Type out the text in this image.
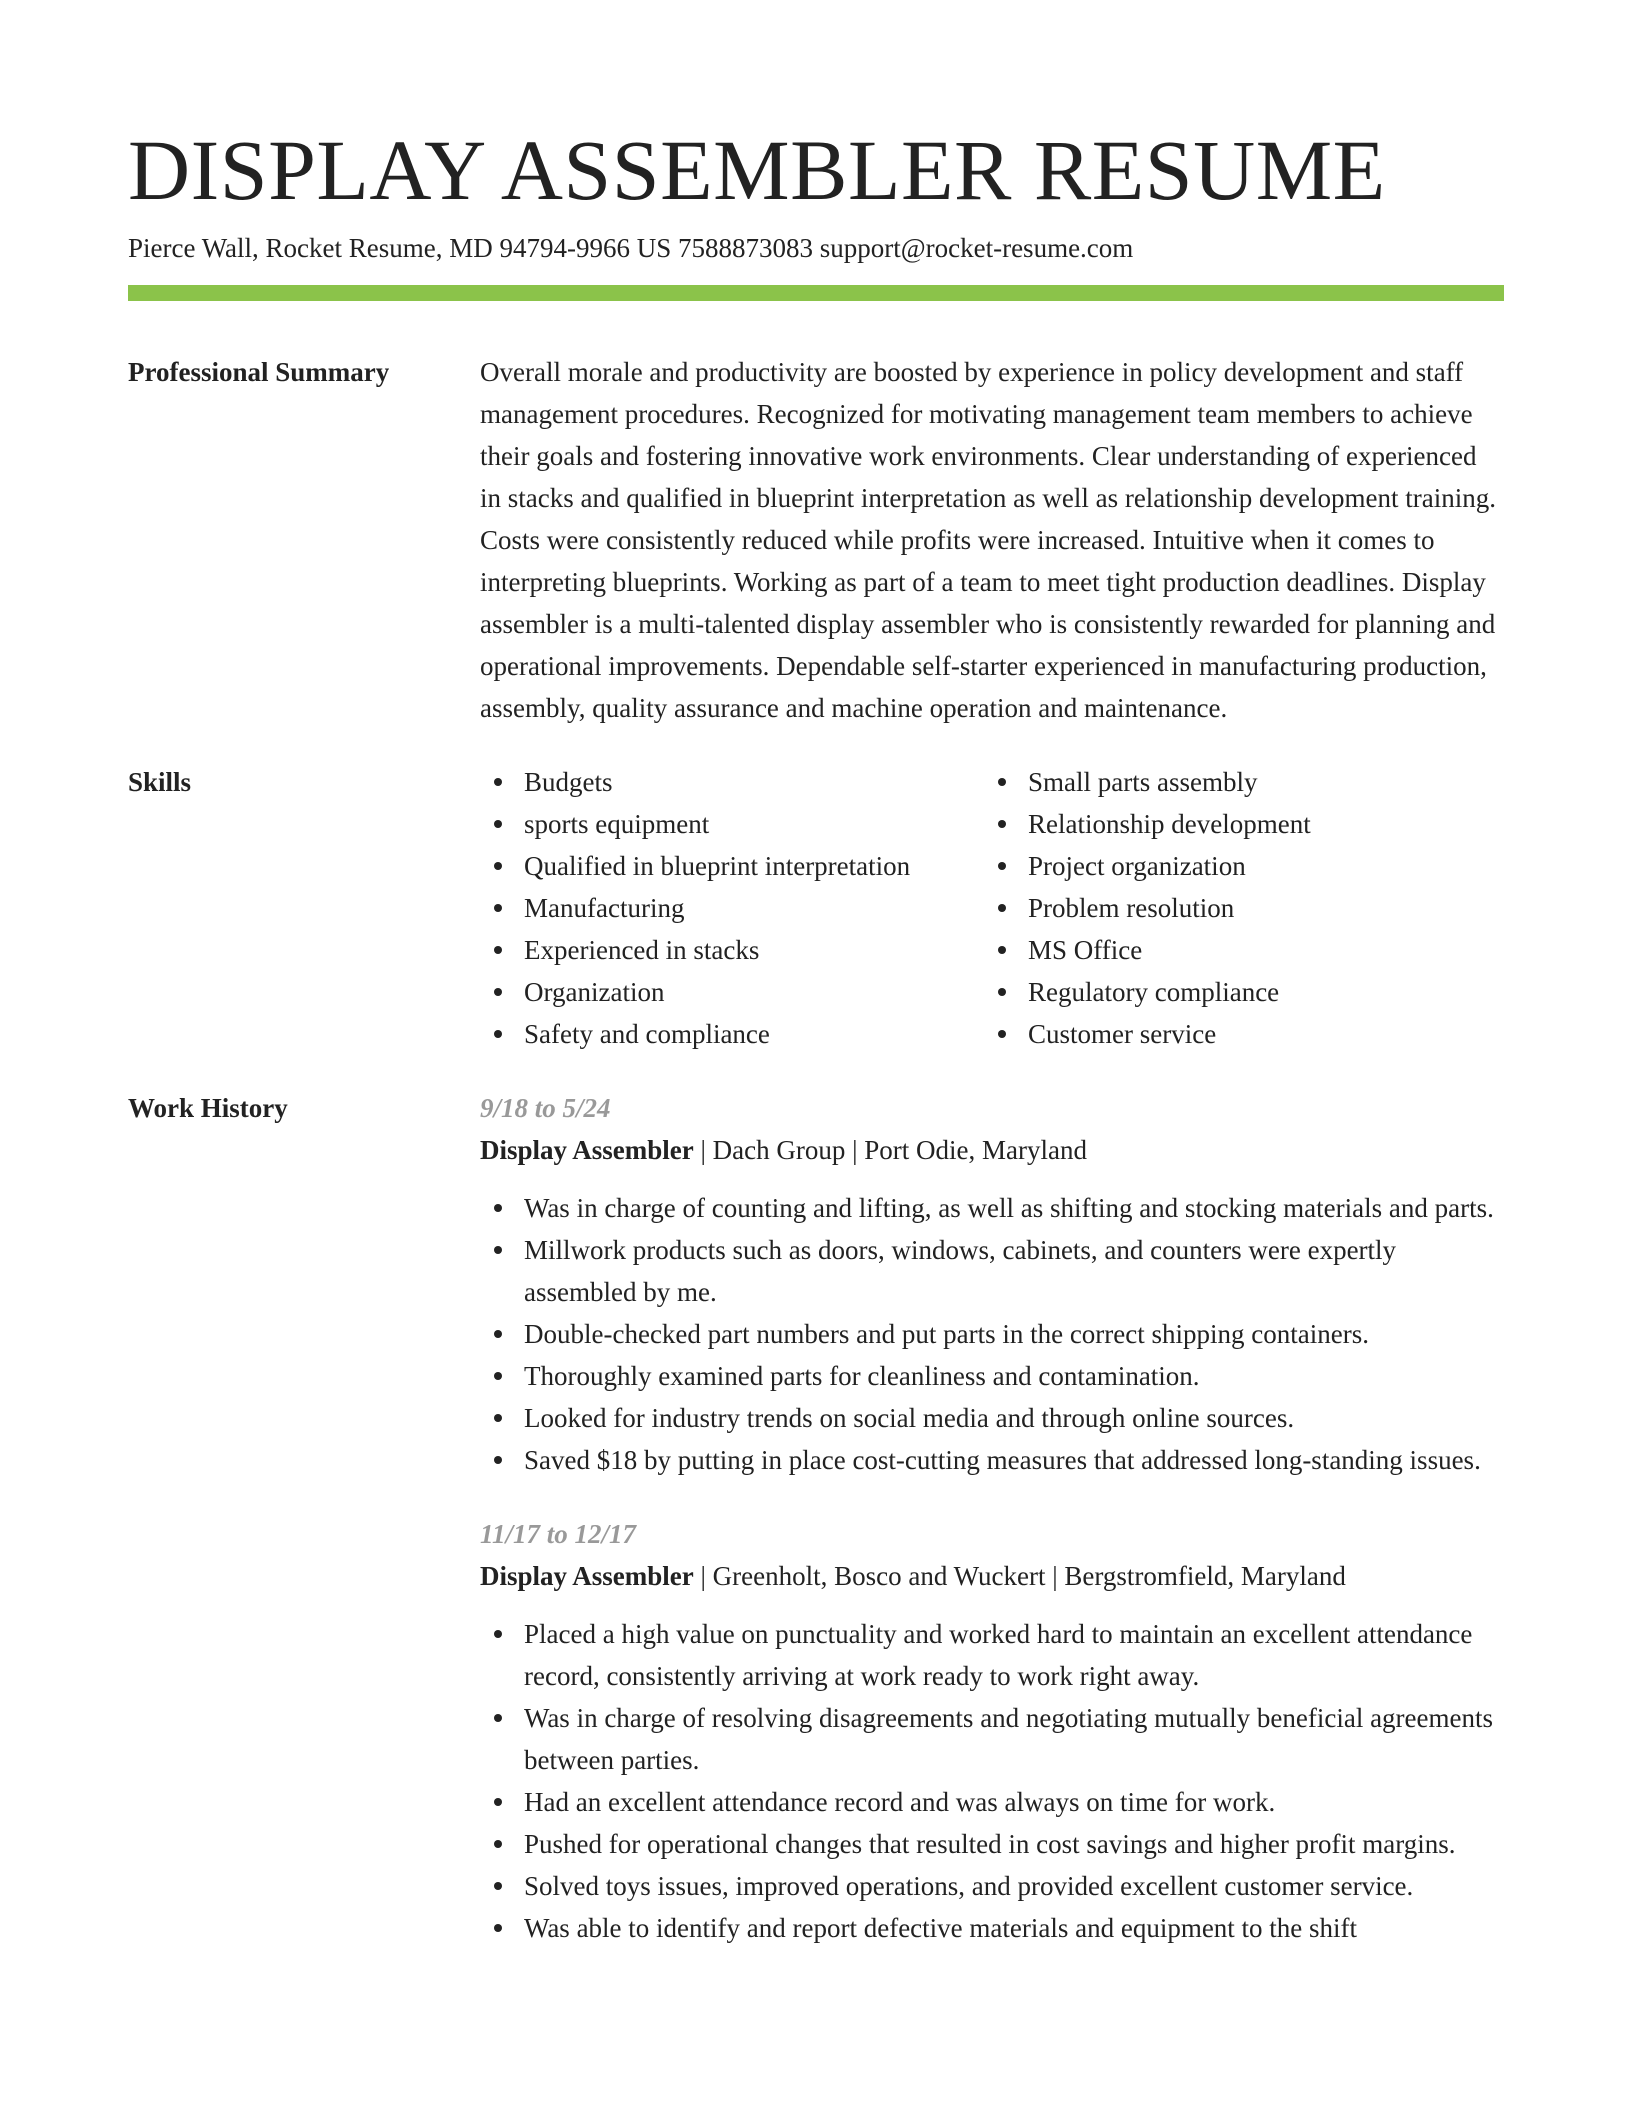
DISPLAY ASSEMBLER RESUME
Pierce Wall, Rocket Resume, MD 94794-9966 US 7588873083 support@rocket-resume.com
Professional Summary	Overall morale and productivity are boosted by experience in policy development and staff management procedures. Recognized for motivating management team members to achieve their goals and fostering innovative work environments. Clear understanding of experienced in stacks and qualified in blueprint interpretation as well as relationship development training. Costs were consistently reduced while profits were increased. Intuitive when it comes to interpreting blueprints. Working as part of a team to meet tight production deadlines. Display assembler is a multi-talented display assembler who is consistently rewarded for planning and operational improvements. Dependable self-starter experienced in manufacturing production, assembly, quality assurance and machine operation and maintenance.
Skills	Budgets
sports equipment
Qualified in blueprint interpretation
Manufacturing
Experienced in stacks
Organization
Safety and compliance
Small parts assembly
Relationship development
Project organization
Problem resolution
MS Office
Regulatory compliance
Customer service
Work History	9/18 to 5/24
Display Assembler | Dach Group | Port Odie, Maryland
Was in charge of counting and lifting, as well as shifting and stocking materials and parts.
Millwork products such as doors, windows, cabinets, and counters were expertly assembled by me.
Double-checked part numbers and put parts in the correct shipping containers.
Thoroughly examined parts for cleanliness and contamination.
Looked for industry trends on social media and through online sources.
Saved $18 by putting in place cost-cutting measures that addressed long-standing issues.
11/17 to 12/17
Display Assembler | Greenholt, Bosco and Wuckert | Bergstromfield, Maryland
Placed a high value on punctuality and worked hard to maintain an excellent attendance record, consistently arriving at work ready to work right away.
Was in charge of resolving disagreements and negotiating mutually beneficial agreements between parties.
Had an excellent attendance record and was always on time for work.
Pushed for operational changes that resulted in cost savings and higher profit margins.
Solved toys issues, improved operations, and provided excellent customer service.
Was able to identify and report defective materials and equipment to the shift
